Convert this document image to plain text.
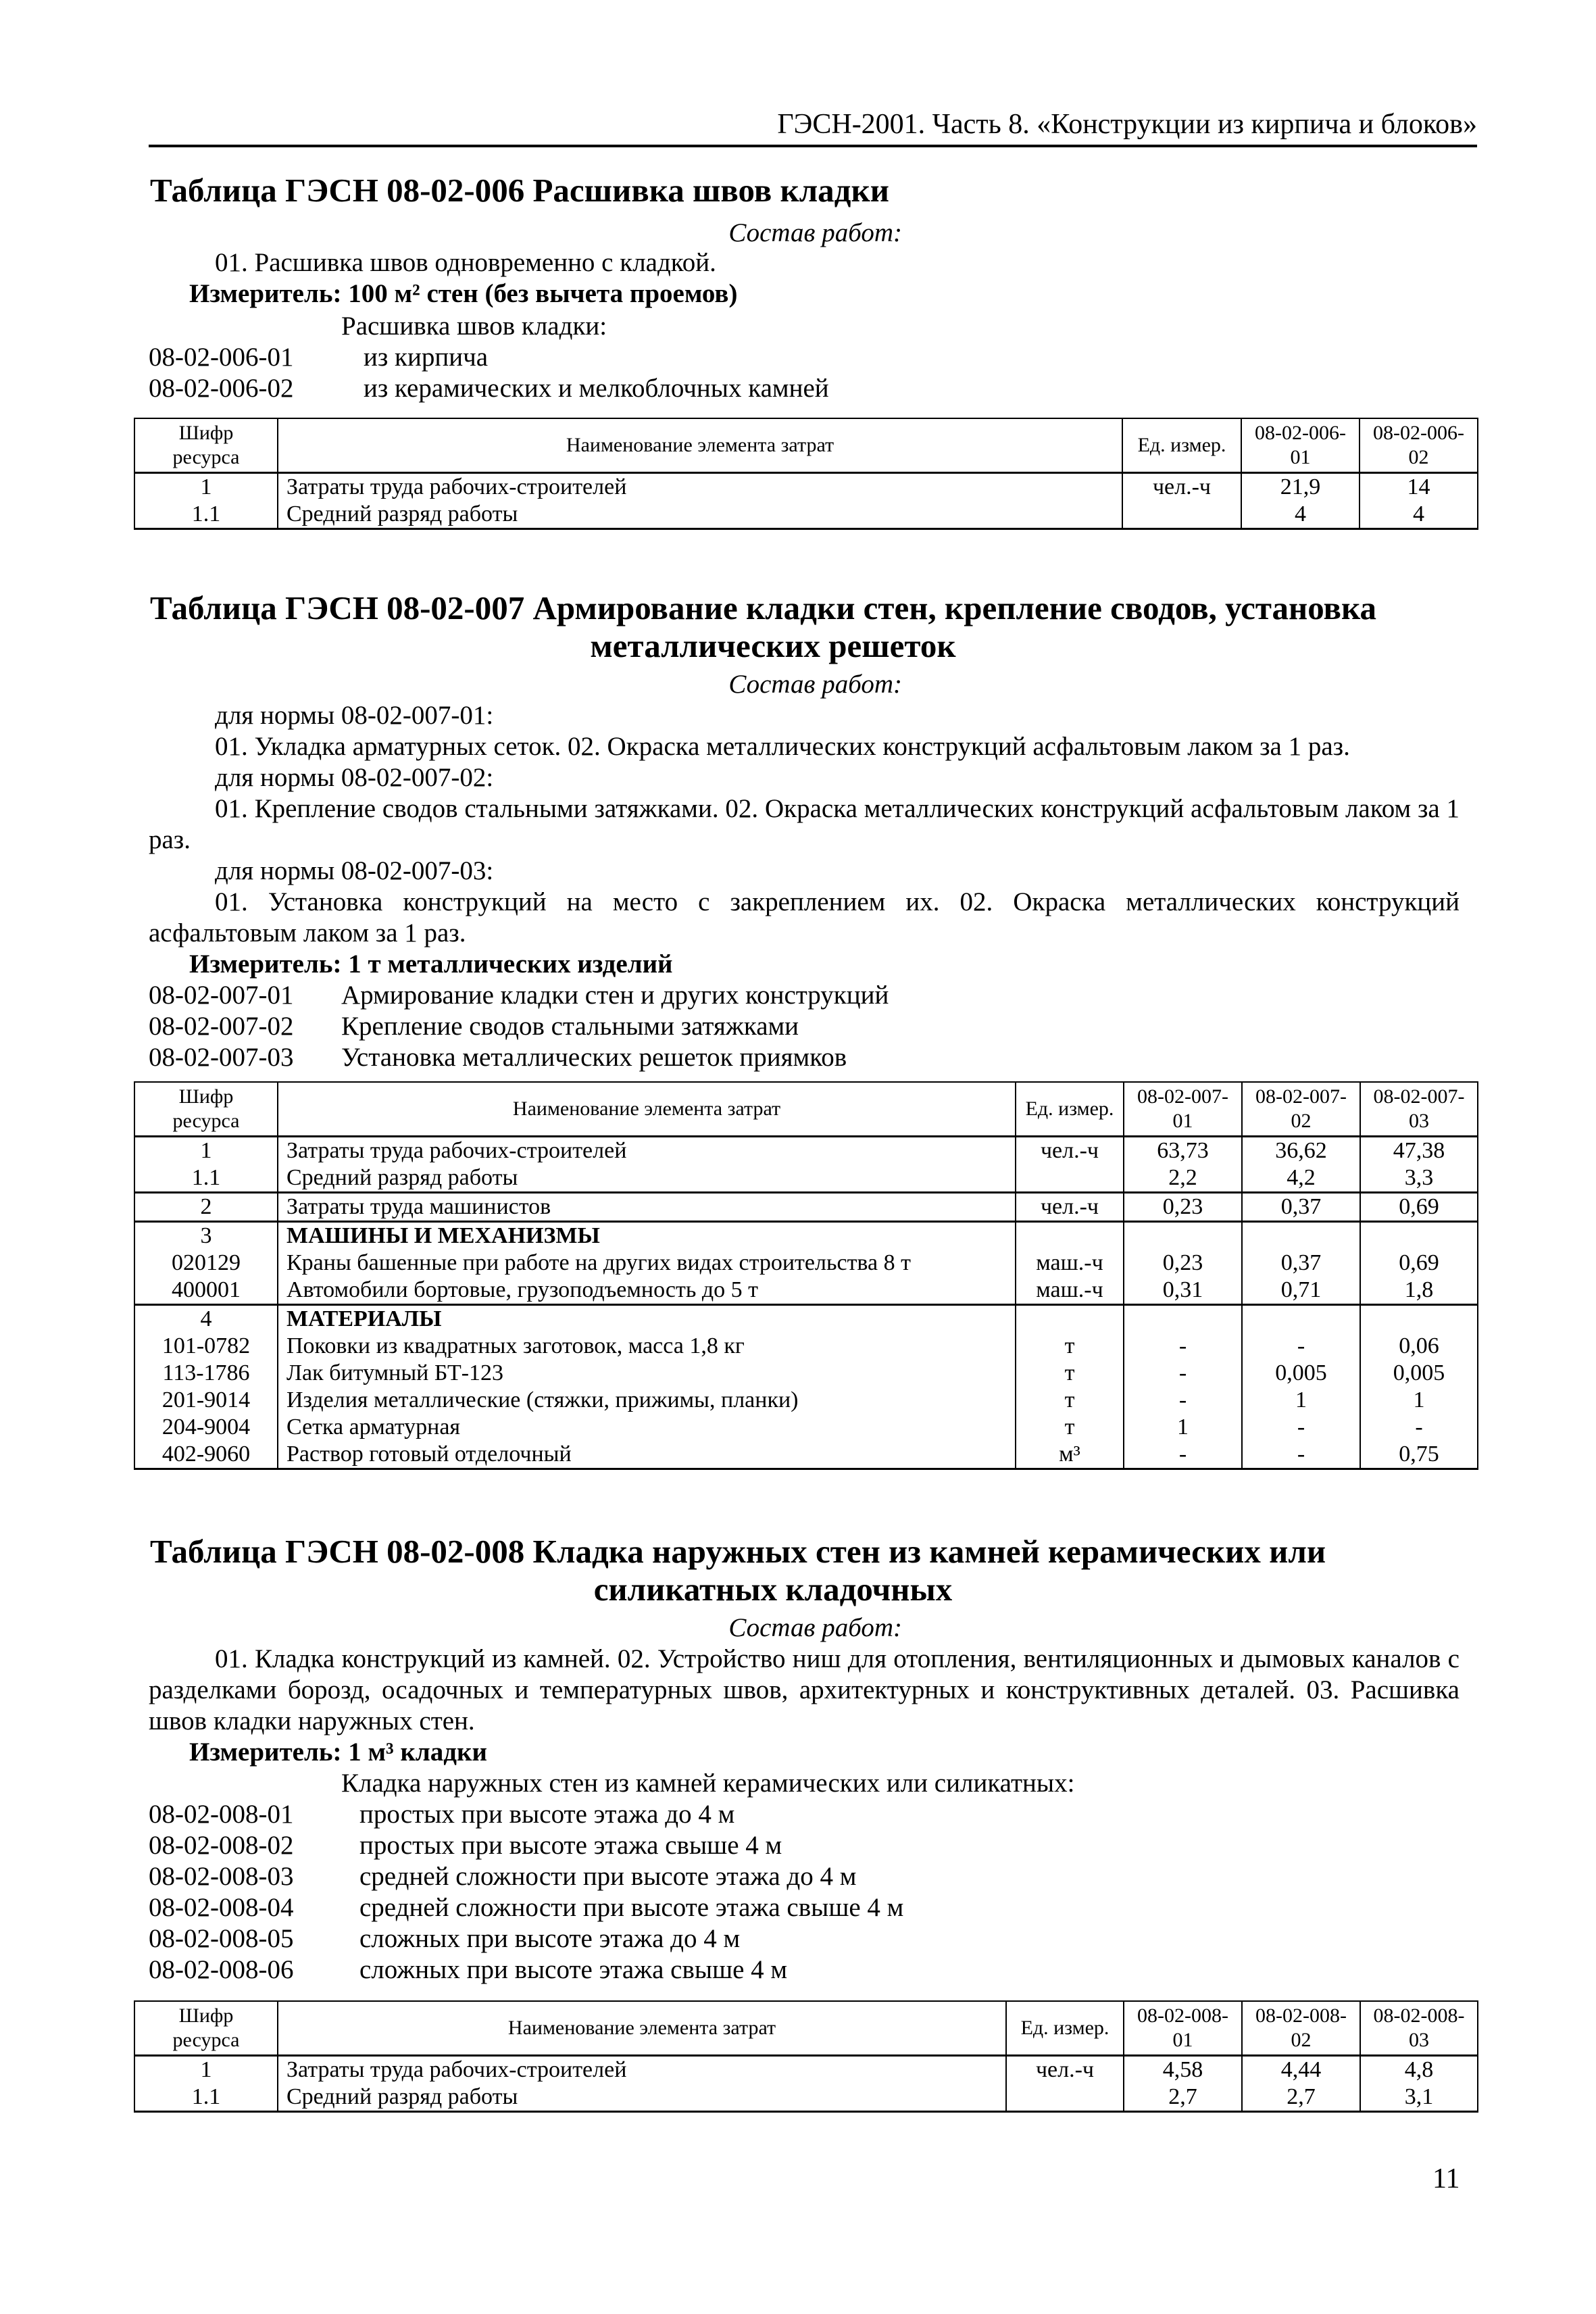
ГЭСН-2001. Часть 8. «Конструкции из кирпича и блоков»
Таблица ГЭСН 08-02-006 Расшивка швов кладки
Состав работ:
01. Расшивка швов одновременно с кладкой.
Измеритель: 100 м² стен (без вычета проемов)
Расшивка швов кладки:
08-02-006-01	из кирпича
08-02-006-02	из керамических и мелкоблочных камней
Шифр ресурса	Наименование элемента затрат	Ед. измер.	08-02-006-01	08-02-006-02
1	Затраты труда рабочих-строителей	чел.-ч	21,9	14
1.1	Средний разряд работы		4	4
Таблица ГЭСН 08-02-007 Армирование кладки стен, крепление сводов, установка
металлических решеток
Состав работ:
для нормы 08-02-007-01:
01. Укладка арматурных сеток. 02. Окраска металлических конструкций асфальтовым лаком за 1 раз.
для нормы 08-02-007-02:
01. Крепление сводов стальными затяжками. 02. Окраска металлических конструкций асфальтовым лаком за 1 раз.
для нормы 08-02-007-03:
01. Установка конструкций на место с закреплением их. 02. Окраска металлических конструкций асфальтовым лаком за 1 раз.
Измеритель: 1 т металлических изделий
08-02-007-01 Армирование кладки стен и других конструкций
08-02-007-02 Крепление сводов стальными затяжками
08-02-007-03 Установка металлических решеток приямков
Шифр ресурса	Наименование элемента затрат	Ед. измер.	08-02-007-01	08-02-007-02	08-02-007-03
1	Затраты труда рабочих-строителей	чел.-ч	63,73	36,62	47,38
1.1	Средний разряд работы		2,2	4,2	3,3
2	Затраты труда машинистов	чел.-ч	0,23	0,37	0,69
3	МАШИНЫ И МЕХАНИЗМЫ				
020129	Краны башенные при работе на других видах строительства 8 т	маш.-ч	0,23	0,37	0,69
400001	Автомобили бортовые, грузоподъемность до 5 т	маш.-ч	0,31	0,71	1,8
4	МАТЕРИАЛЫ				
101-0782	Поковки из квадратных заготовок, масса 1,8 кг	т	-	-	0,06
113-1786	Лак битумный БТ-123	т	-	0,005	0,005
201-9014	Изделия металлические (стяжки, прижимы, планки)	т	-	1	1
204-9004	Сетка арматурная	т	1	-	-
402-9060	Раствор готовый отделочный	м³	-	-	0,75
Таблица ГЭСН 08-02-008 Кладка наружных стен из камней керамических или
силикатных кладочных
Состав работ:
01. Кладка конструкций из камней. 02. Устройство ниш для отопления, вентиляционных и дымовых каналов с разделками борозд, осадочных и температурных швов, архитектурных и конструктивных деталей. 03. Расшивка швов кладки наружных стен.
Измеритель: 1 м³ кладки
Кладка наружных стен из камней керамических или силикатных:
08-02-008-01	простых при высоте этажа до 4 м
08-02-008-02	простых при высоте этажа свыше 4 м
08-02-008-03	средней сложности при высоте этажа до 4 м
08-02-008-04	средней сложности при высоте этажа свыше 4 м
08-02-008-05	сложных при высоте этажа до 4 м
08-02-008-06	сложных при высоте этажа свыше 4 м
Шифр ресурса	Наименование элемента затрат	Ед. измер.	08-02-008-01	08-02-008-02	08-02-008-03
1	Затраты труда рабочих-строителей	чел.-ч	4,58	4,44	4,8
1.1	Средний разряд работы		2,7	2,7	3,1
11
